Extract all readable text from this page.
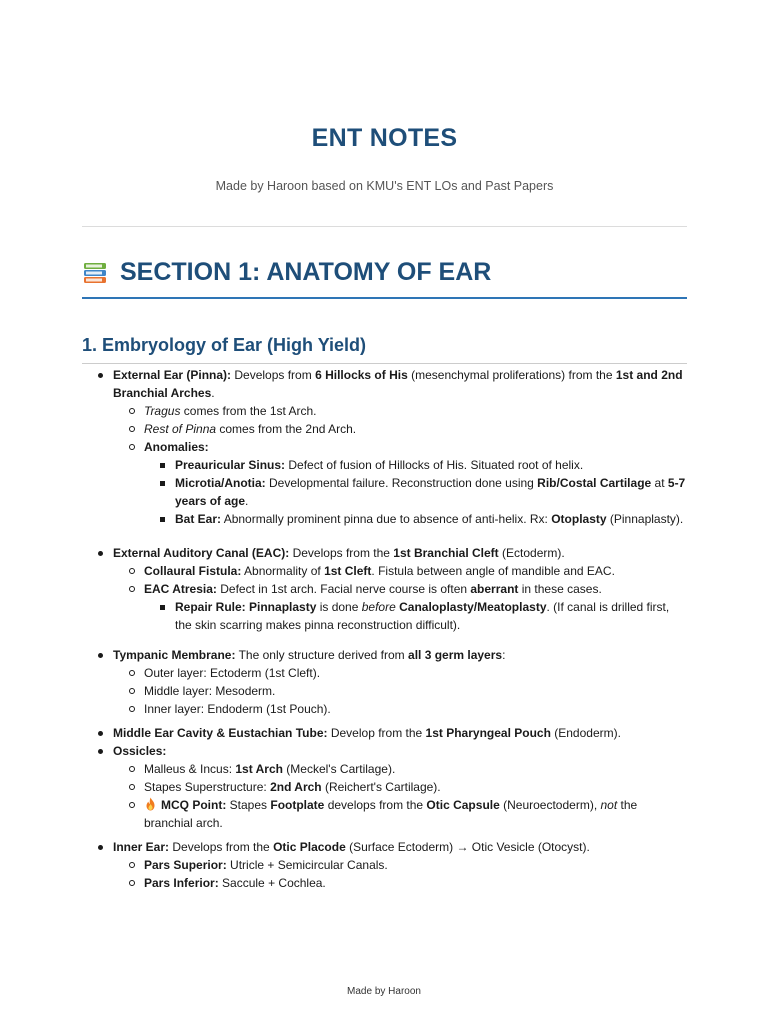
ENT NOTES

Made by Haroon based on KMU's ENT LOs and Past Papers

SECTION 1: ANATOMY OF EAR
1. Embryology of Ear (High Yield)
External Ear (Pinna): Develops from 6 Hillocks of His (mesenchymal proliferations) from the 1st and 2nd Branchial Arches.
Tragus comes from the 1st Arch.
Rest of Pinna comes from the 2nd Arch.
Anomalies:
Preauricular Sinus: Defect of fusion of Hillocks of His. Situated root of helix.
Microtia/Anotia: Developmental failure. Reconstruction done using Rib/Costal Cartilage at 5-7 years of age.
Bat Ear: Abnormally prominent pinna due to absence of anti-helix. Rx: Otoplasty (Pinnaplasty).
External Auditory Canal (EAC): Develops from the 1st Branchial Cleft (Ectoderm).
Collaural Fistula: Abnormality of 1st Cleft. Fistula between angle of mandible and EAC.
EAC Atresia: Defect in 1st arch. Facial nerve course is often aberrant in these cases.
Repair Rule: Pinnaplasty is done before Canaloplasty/Meatoplasty. (If canal is drilled first, the skin scarring makes pinna reconstruction difficult).
Tympanic Membrane: The only structure derived from all 3 germ layers:
Outer layer: Ectoderm (1st Cleft).
Middle layer: Mesoderm.
Inner layer: Endoderm (1st Pouch).
Middle Ear Cavity & Eustachian Tube: Develop from the 1st Pharyngeal Pouch (Endoderm).
Ossicles:
Malleus & Incus: 1st Arch (Meckel's Cartilage).
Stapes Superstructure: 2nd Arch (Reichert's Cartilage).
MCQ Point: Stapes Footplate develops from the Otic Capsule (Neuroectoderm), not the branchial arch.
Inner Ear: Develops from the Otic Placode (Surface Ectoderm) → Otic Vesicle (Otocyst).
Pars Superior: Utricle + Semicircular Canals.
Pars Inferior: Saccule + Cochlea.
Made by Haroon
